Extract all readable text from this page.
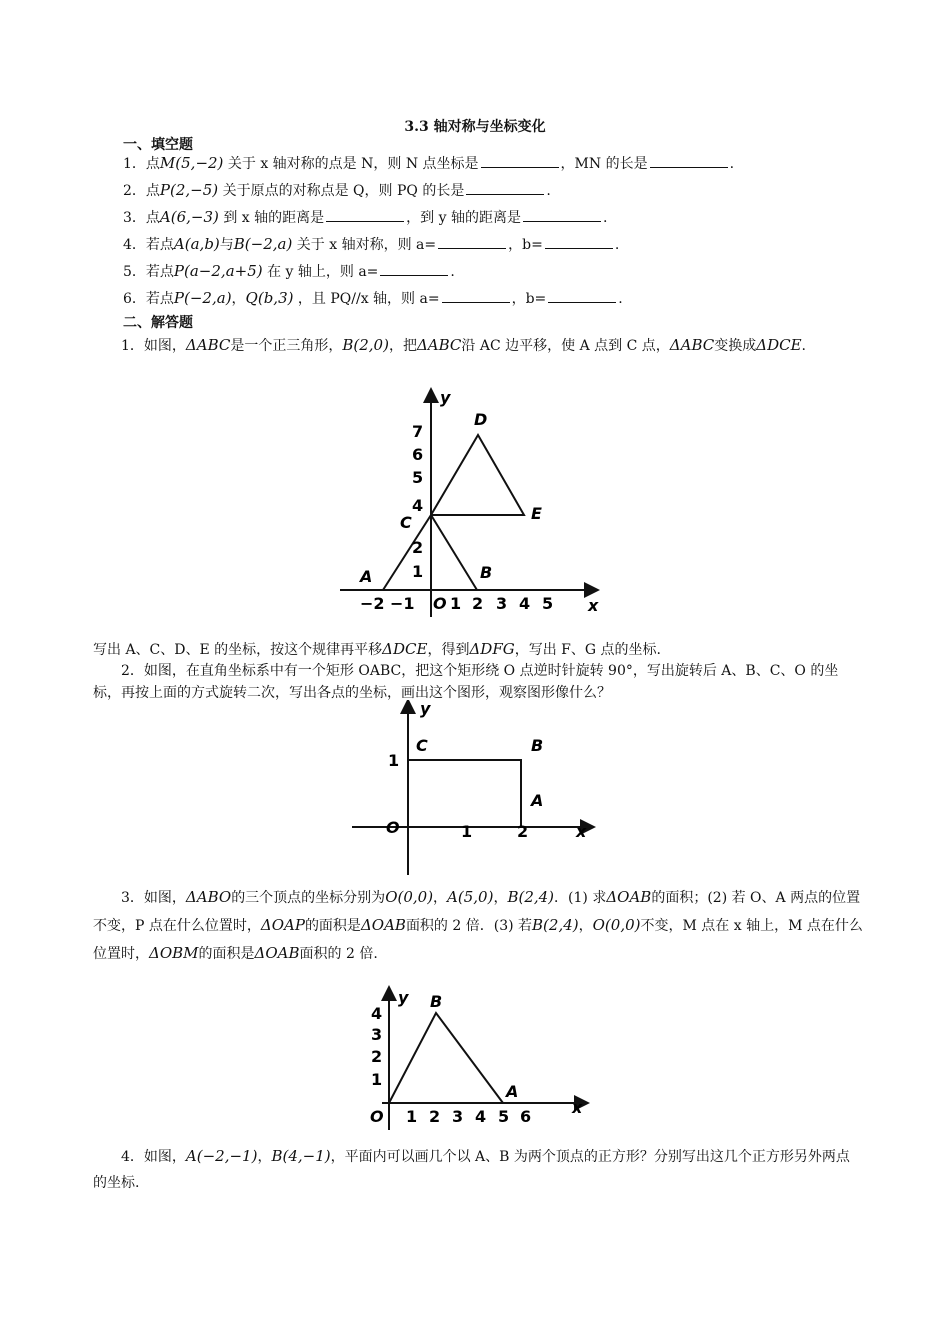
3.3 轴对称与坐标变化
一、填空题
1．点M(5,−2) 关于 x 轴对称的点是 N，则 N 点坐标是	，MN 的长是	.
2．点P(2,−5) 关于原点的对称点是 Q，则 PQ 的长是	.
3．点A(6,−3) 到 x 轴的距离是	，到 y 轴的距离是	.
4．若点A(a,b)与B(−2,a) 关于 x 轴对称，则 a=	，b=	.
5．若点P(a−2,a+5) 在 y 轴上，则 a=	.
6．若点P(−2,a)，Q(b,3) ，且 PQ//x 轴，则 a=	，b=	.
二、解答题
1．如图，ΔABC是一个正三角形，B(2,0)，把ΔABC沿 AC 边平移，使 A 点到 C 点，ΔABC变换成ΔDCE.
y
x
O
−2 −1 1 2 3 4 5
1
2
4
5
6
7
A	B
C
D
E
写出 A、C、D、E 的坐标，按这个规律再平移ΔDCE，得到ΔDFG，写出 F、G 点的坐标.
2．如图，在直角坐标系中有一个矩形 OABC，把这个矩形绕 O 点逆时针旋转 90°，写出旋转后 A、B、C、O 的坐标，再按上面的方式旋转二次，写出各点的坐标，画出这个图形，观察图形像什么？
y
x
O	1	2
1
C	B
A
3．如图，ΔABO的三个顶点的坐标分别为O(0,0)，A(5,0)，B(2,4)．(1) 求ΔOAB的面积；(2) 若 O、A 两点的位置不变，P 点在什么位置时，ΔOAP的面积是ΔOAB面积的 2 倍．(3) 若B(2,4)，O(0,0)不变，M 点在 x 轴上，M 点在什么位置时，ΔOBM的面积是ΔOAB面积的 2 倍.
y
x
O 1 2 3 4 5 6
1
2
3
4
B
A
4．如图，A(−2,−1)，B(4,−1)，平面内可以画几个以 A、B 为两个顶点的正方形？分别写出这几个正方形另外两点的坐标.
